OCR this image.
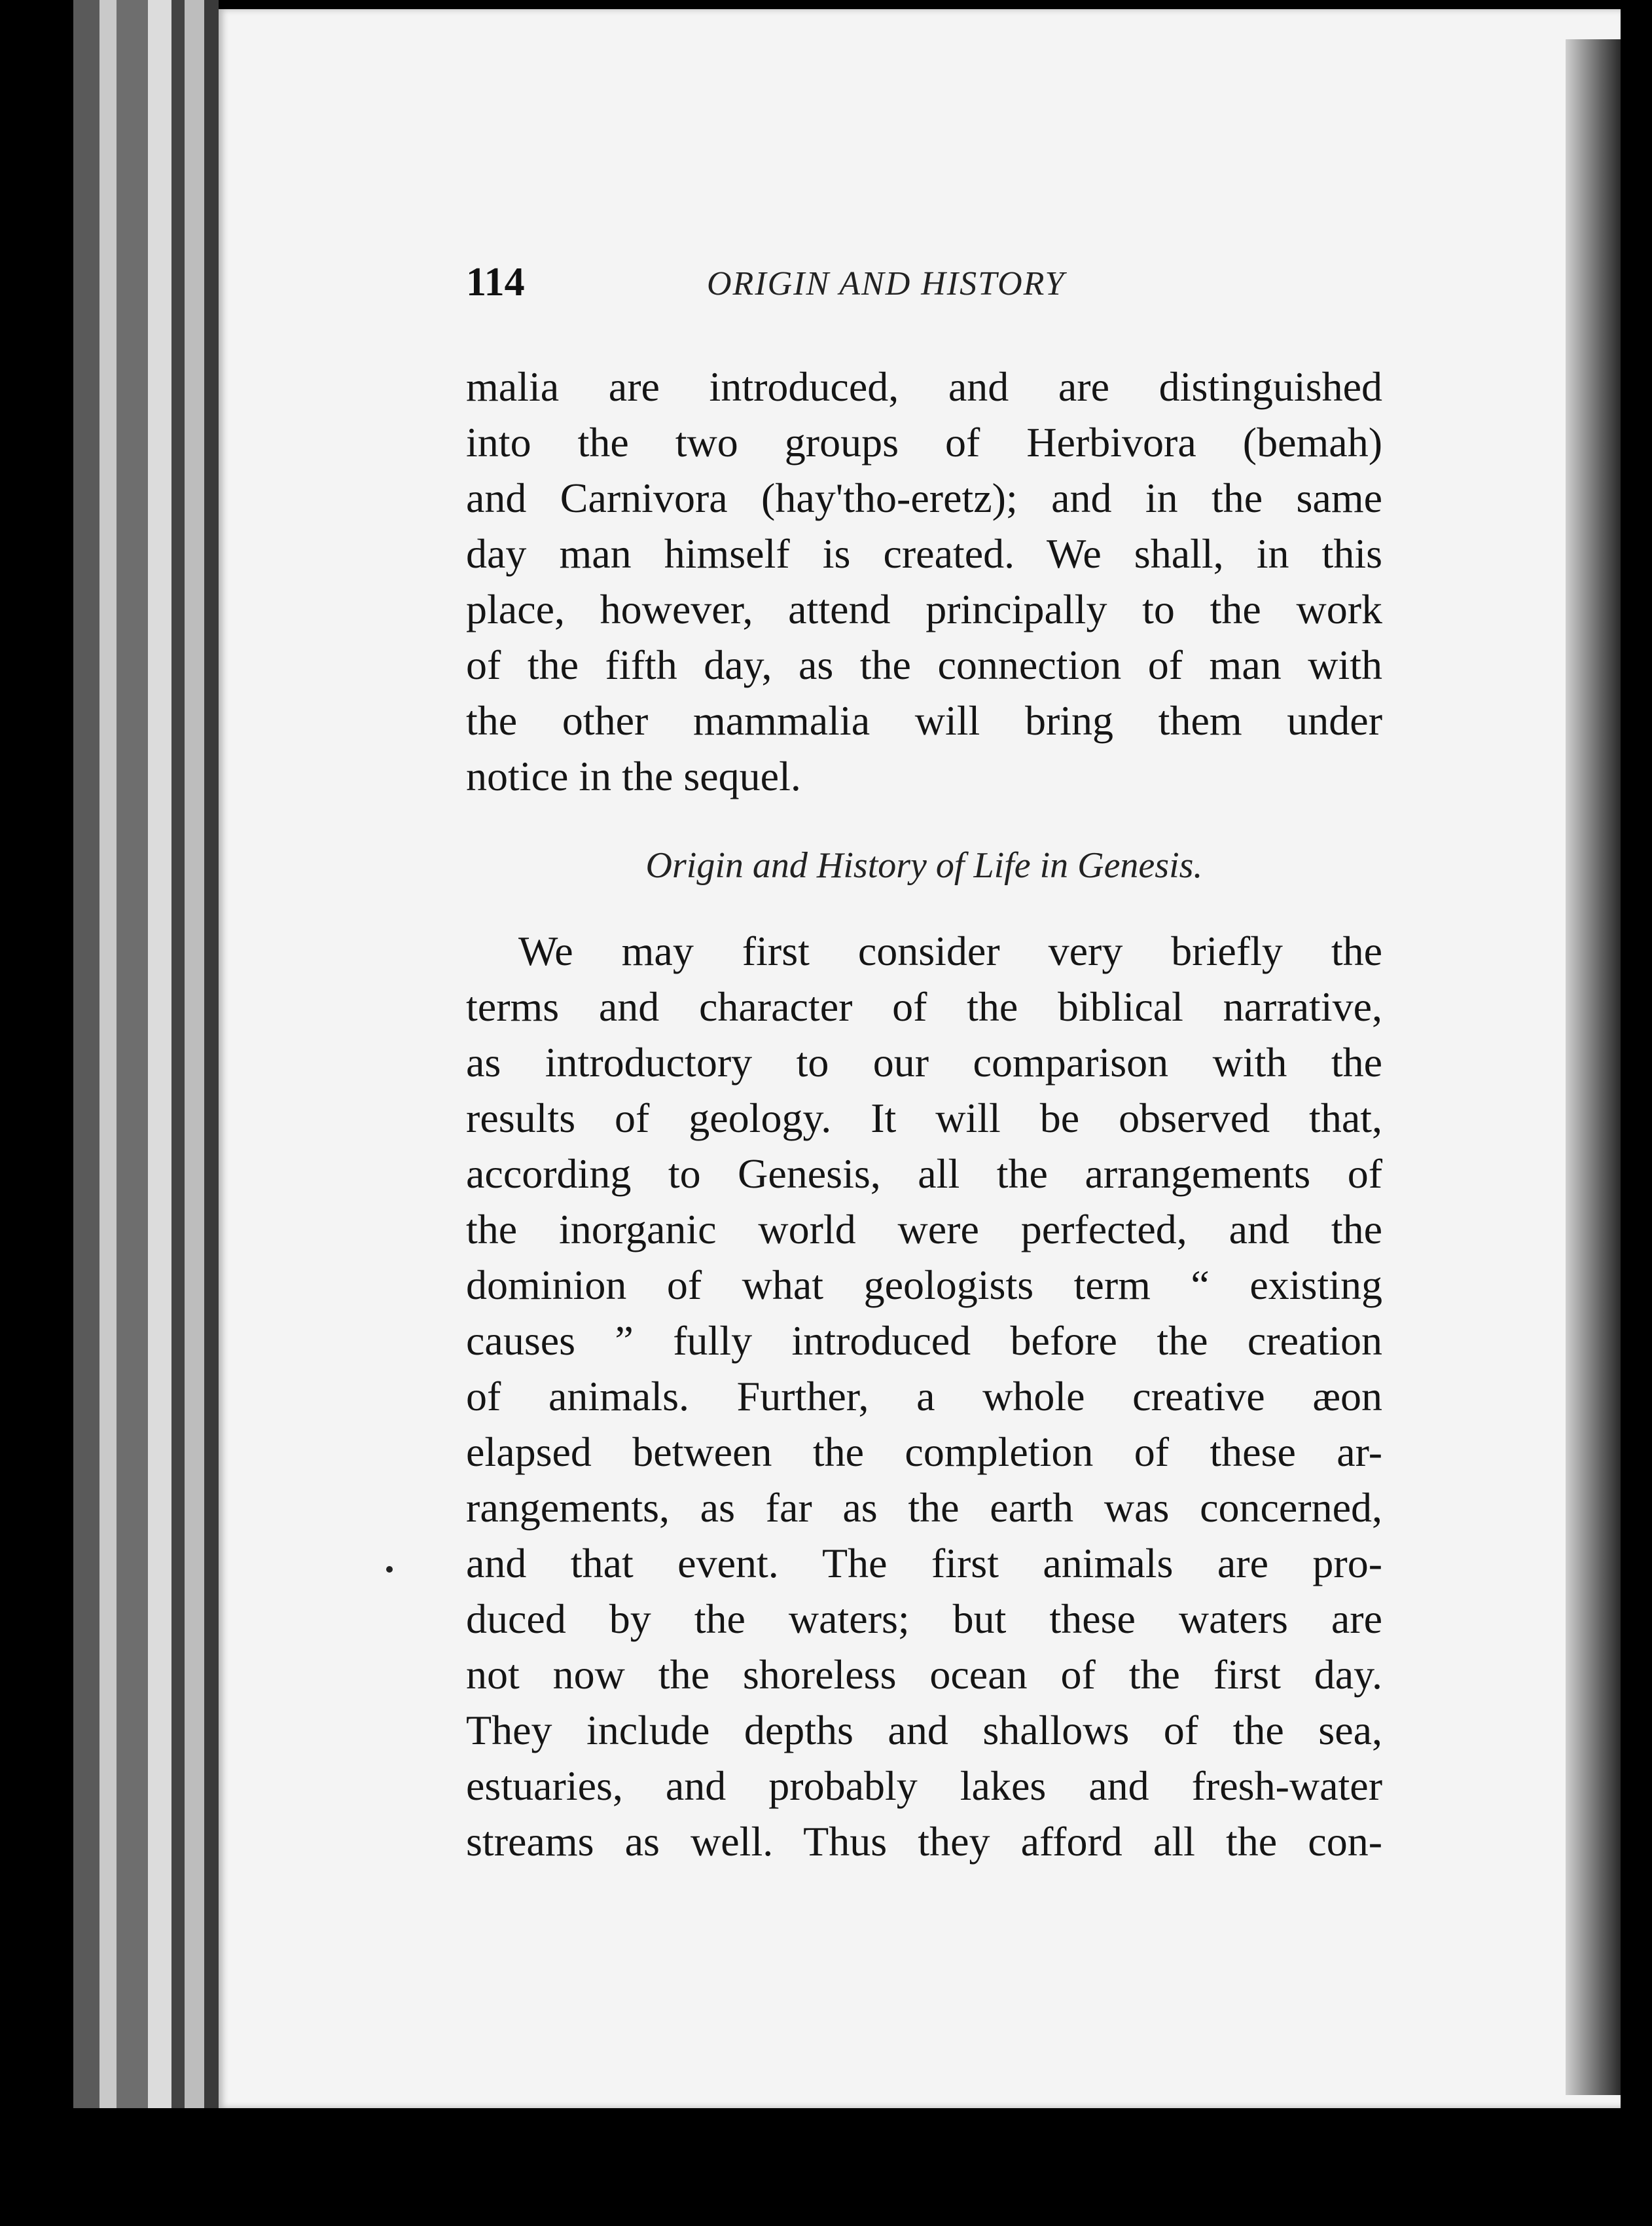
114	ORIGIN AND HISTORY
malia are introduced, and are distinguished
into the two groups of Herbivora (bemah)
and Carnivora (hay'tho-eretz); and in the same
day man himself is created. We shall, in this
place, however, attend principally to the work
of the fifth day, as the connection of man with
the other mammalia will bring them under
notice in the sequel.
Origin and History of Life in Genesis.
We may first consider very briefly the
terms and character of the biblical narrative,
as introductory to our comparison with the
results of geology. It will be observed that,
according to Genesis, all the arrangements of
the inorganic world were perfected, and the
dominion of what geologists term “ existing
causes ” fully introduced before the creation
of animals. Further, a whole creative æon
elapsed between the completion of these ar-
rangements, as far as the earth was concerned,
and that event. The first animals are pro-
duced by the waters; but these waters are
not now the shoreless ocean of the first day.
They include depths and shallows of the sea,
estuaries, and probably lakes and fresh-water
streams as well. Thus they afford all the con-
